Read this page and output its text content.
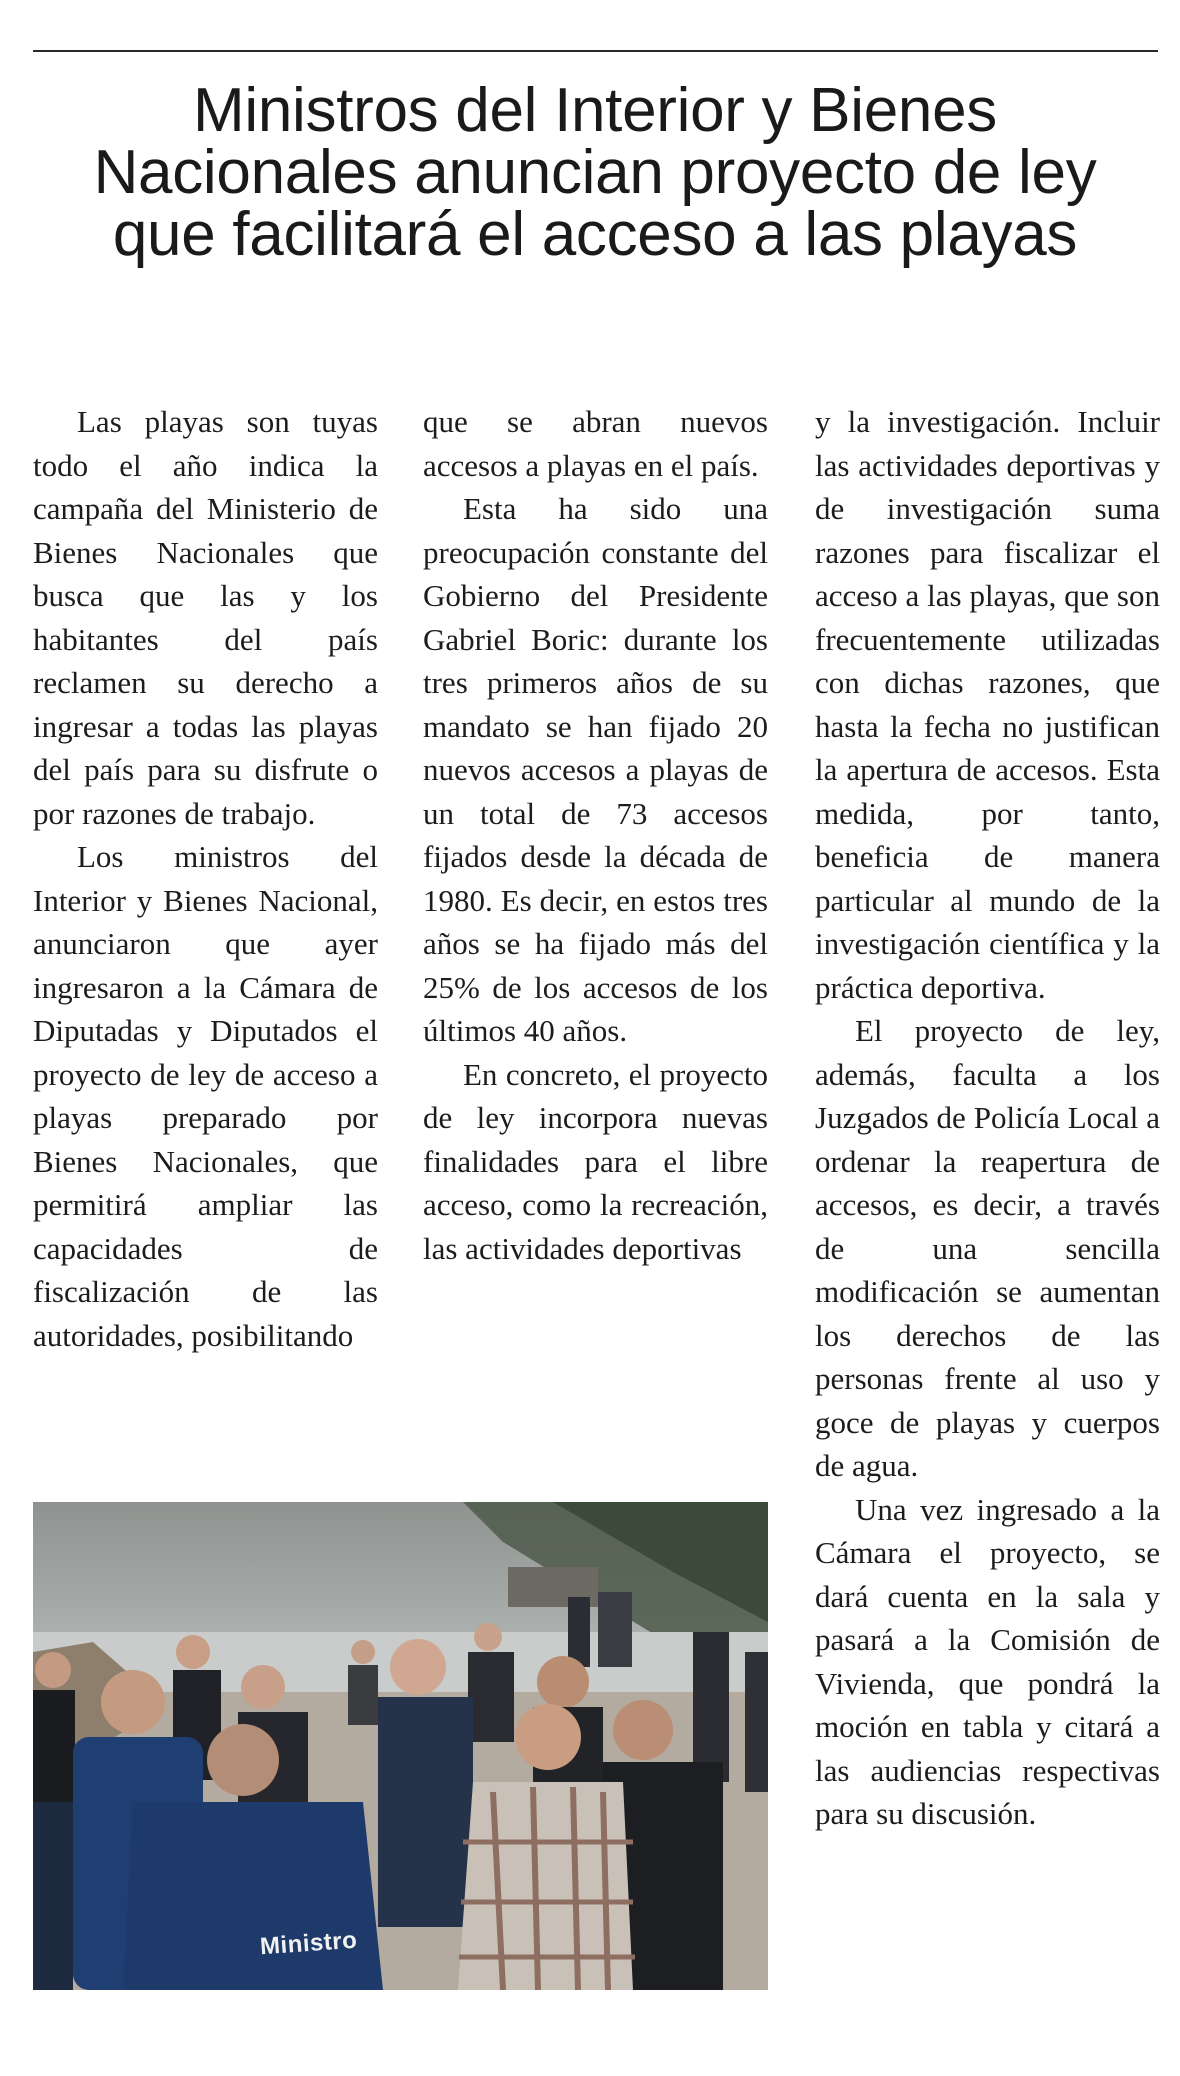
Ministros del Interior y Bienes Nacionales anuncian proyecto de ley que facilitará el acceso a las playas

Las playas son tuyas todo el año indica la campaña del Ministerio de Bienes Nacionales que busca que las y los habitantes del país reclamen su derecho a ingresar a todas las playas del país para su disfrute o por razones de trabajo.

Los ministros del Interior y Bienes Nacional, anunciaron que ayer ingresaron a la Cámara de Diputadas y Diputados el proyecto de ley de acceso a playas preparado por Bienes Nacionales, que permitirá ampliar las capacidades de fiscalización de las autoridades, posibilitando

que se abran nuevos accesos a playas en el país.

Esta ha sido una preocupación constante del Gobierno del Presidente Gabriel Boric: durante los tres primeros años de su mandato se han fijado 20 nuevos accesos a playas de un total de 73 accesos fijados desde la década de 1980. Es decir, en estos tres años se ha fijado más del 25% de los accesos de los últimos 40 años.

En concreto, el proyecto de ley incorpora nuevas finalidades para el libre acceso, como la recreación, las actividades deportivas

y la investigación. Incluir las actividades deportivas y de investigación suma razones para fiscalizar el acceso a las playas, que son frecuentemente utilizadas con dichas razones, que hasta la fecha no justifican la apertura de accesos. Esta medida, por tanto, beneficia de manera particular al mundo de la investigación científica y la práctica deportiva.

El proyecto de ley, además, faculta a los Juzgados de Policía Local a ordenar la reapertura de accesos, es decir, a través de una sencilla modificación se aumentan los derechos de las personas frente al uso y goce de playas y cuerpos de agua.

Una vez ingresado a la Cámara el proyecto, se dará cuenta en la sala y pasará a la Comisión de Vivienda, que pondrá la moción en tabla y citará a las audiencias respectivas para su discusión.

Ministro
